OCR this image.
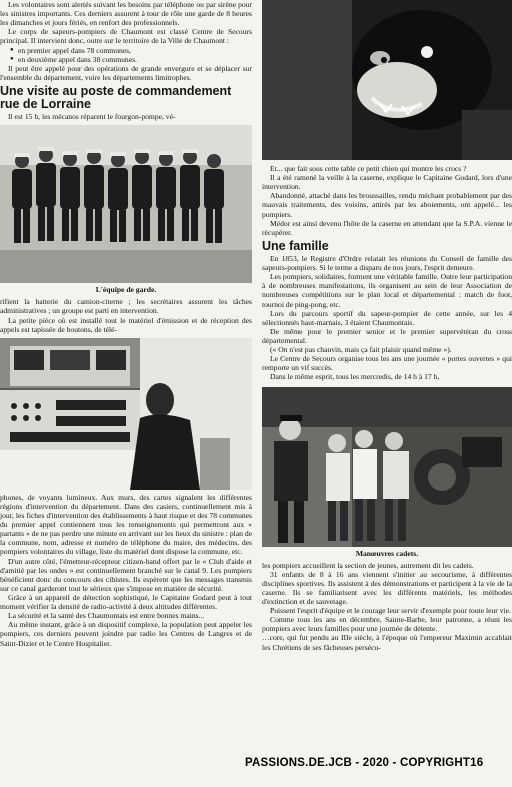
Les volontaires sont alertés suivant les besoins par téléphone ou par sirène pour les sinistres importants. Ces derniers assurent à tour de rôle une garde de 8 heures les dimanches et jours fériés, en renfort des professionnels.

Le corps de sapeurs-pompiers de Chaumont est classé Centre de Secours principal. Il intervient donc, outre sur le territoire de la Ville de Chaumont :

● en premier appel dans 78 communes,
● en deuxième appel dans 38 communes.

Il peut être appelé pour des opérations de grande envergure et se déplacer sur l'ensemble du département, voire les départements limitrophes.

Une visite au poste de commandement rue de Lorraine

Il est 15 h, les mécanos réparent le fourgon-pompe, vé-

L'équipe de garde.

rifient la batterie du camion-citerne ; les secrétaires assurent les tâches administratives ; un groupe est parti en intervention.

La petite pièce où est installé tout le matériel d'émission et de réception des appels est tapissée de boutons, de télé-

phones, de voyants lumineux. Aux murs, des cartes signalent les différentes régions d'intervention du département. Dans des casiers, continuellement mis à jour, les fiches d'intervention des établissements à haut risque et des 78 communes du premier appel contiennent tous les renseignements qui permettront aux « partants » de ne pas perdre une minute en arrivant sur les lieux du sinistre : plan de la commune, nom, adresse et numéro de téléphone du maire, des médecins, des pompiers volontaires du village, liste du matériel dont dispose la commune, etc.

D'un autre côté, l'émetteur-récepteur citizen-band offert par le « Club d'aide et d'amitié par les ondes » est continuellement branché sur le canal 9. Les pompiers bénéficient donc du concours des cibistes. Ils espèrent que les messages transmis sur ce canal garderont tout le sérieux que s'impose en matière de sécurité.

Grâce à un appareil de détection sophistiqué, le Capitaine Godard peut à tout moment vérifier la densité de radio-activité à deux altitudes différentes.

La sécurité et la santé des Chaumontais est entre bonnes mains...

Au même instant, grâce à un dispositif complexe, la population peut appeler les pompiers, ces derniers peuvent joindre par radio les Centres de Langres et de Saint-Dizier et le Centre Hospitalier.

Et... que fait sous cette table ce petit chien qui montre les crocs ?

Il a été ramené la veille à la caserne, explique le Capitaine Godard, lors d'une intervention.

Abandonné, attaché dans les broussailles, rendu méchant probablement par des mauvais traitements, des voisins, attirés par les aboiements, ont appelé... les pompiers.

Médor est ainsi devenu l'hôte de la caserne en attendant que la S.P.A. vienne le récupérer.

Une famille

En 1853, le Registre d'Ordre relatait les réunions du Conseil de famille des sapeurs-pompiers. Si le terme a disparu de nos jours, l'esprit demeure.

Les pompiers, solidaires, forment une véritable famille. Outre leur participation à de nombreuses manifestations, ils organisent au sein de leur Association de nombreuses compétitions sur le plan local et départemental : match de foot, tournoi de ping-pong, etc.

Lors du parcours sportif du sapeur-pompier de cette année, sur les 4 sélectionnés haut-marnais, 3 étaient Chaumontais.

De même pour le premier senior et le premier supervétéran du cross départemental.

(« On n'est pas chauvin, mais ça fait plaisir quand même »).

Le Centre de Secours organise tous les ans une journée « portes ouvertes » qui remporte un vif succès.

Dans le même esprit, tous les mercredis, de 14 h à 17 h,

Manœuvres cadets.

les pompiers accueillent la section de jeunes, autrement dit les cadets.

31 enfants de 8 à 16 ans viennent s'initier au secourisme, à différentes disciplines sportives. Ils assistent à des démonstrations et participent à la vie de la caserne. Ils se familiarisent avec les différents matériels, les méthodes d'extinction et de sauvetage.

Puissent l'esprit d'équipe et le courage leur servir d'exemple pour toute leur vie.

Comme tous les ans en décembre, Sainte-Barbe, leur patronne, a réuni les pompiers avec leurs familles pour une journée de détente.

…core, qui fut pendu au IIIe siècle, à l'époque où l'empereur Maximin accablait les Chrétiens de ses fâcheuses persécu-

PASSIONS.DE.JCB - 2020 - COPYRIGHT16
